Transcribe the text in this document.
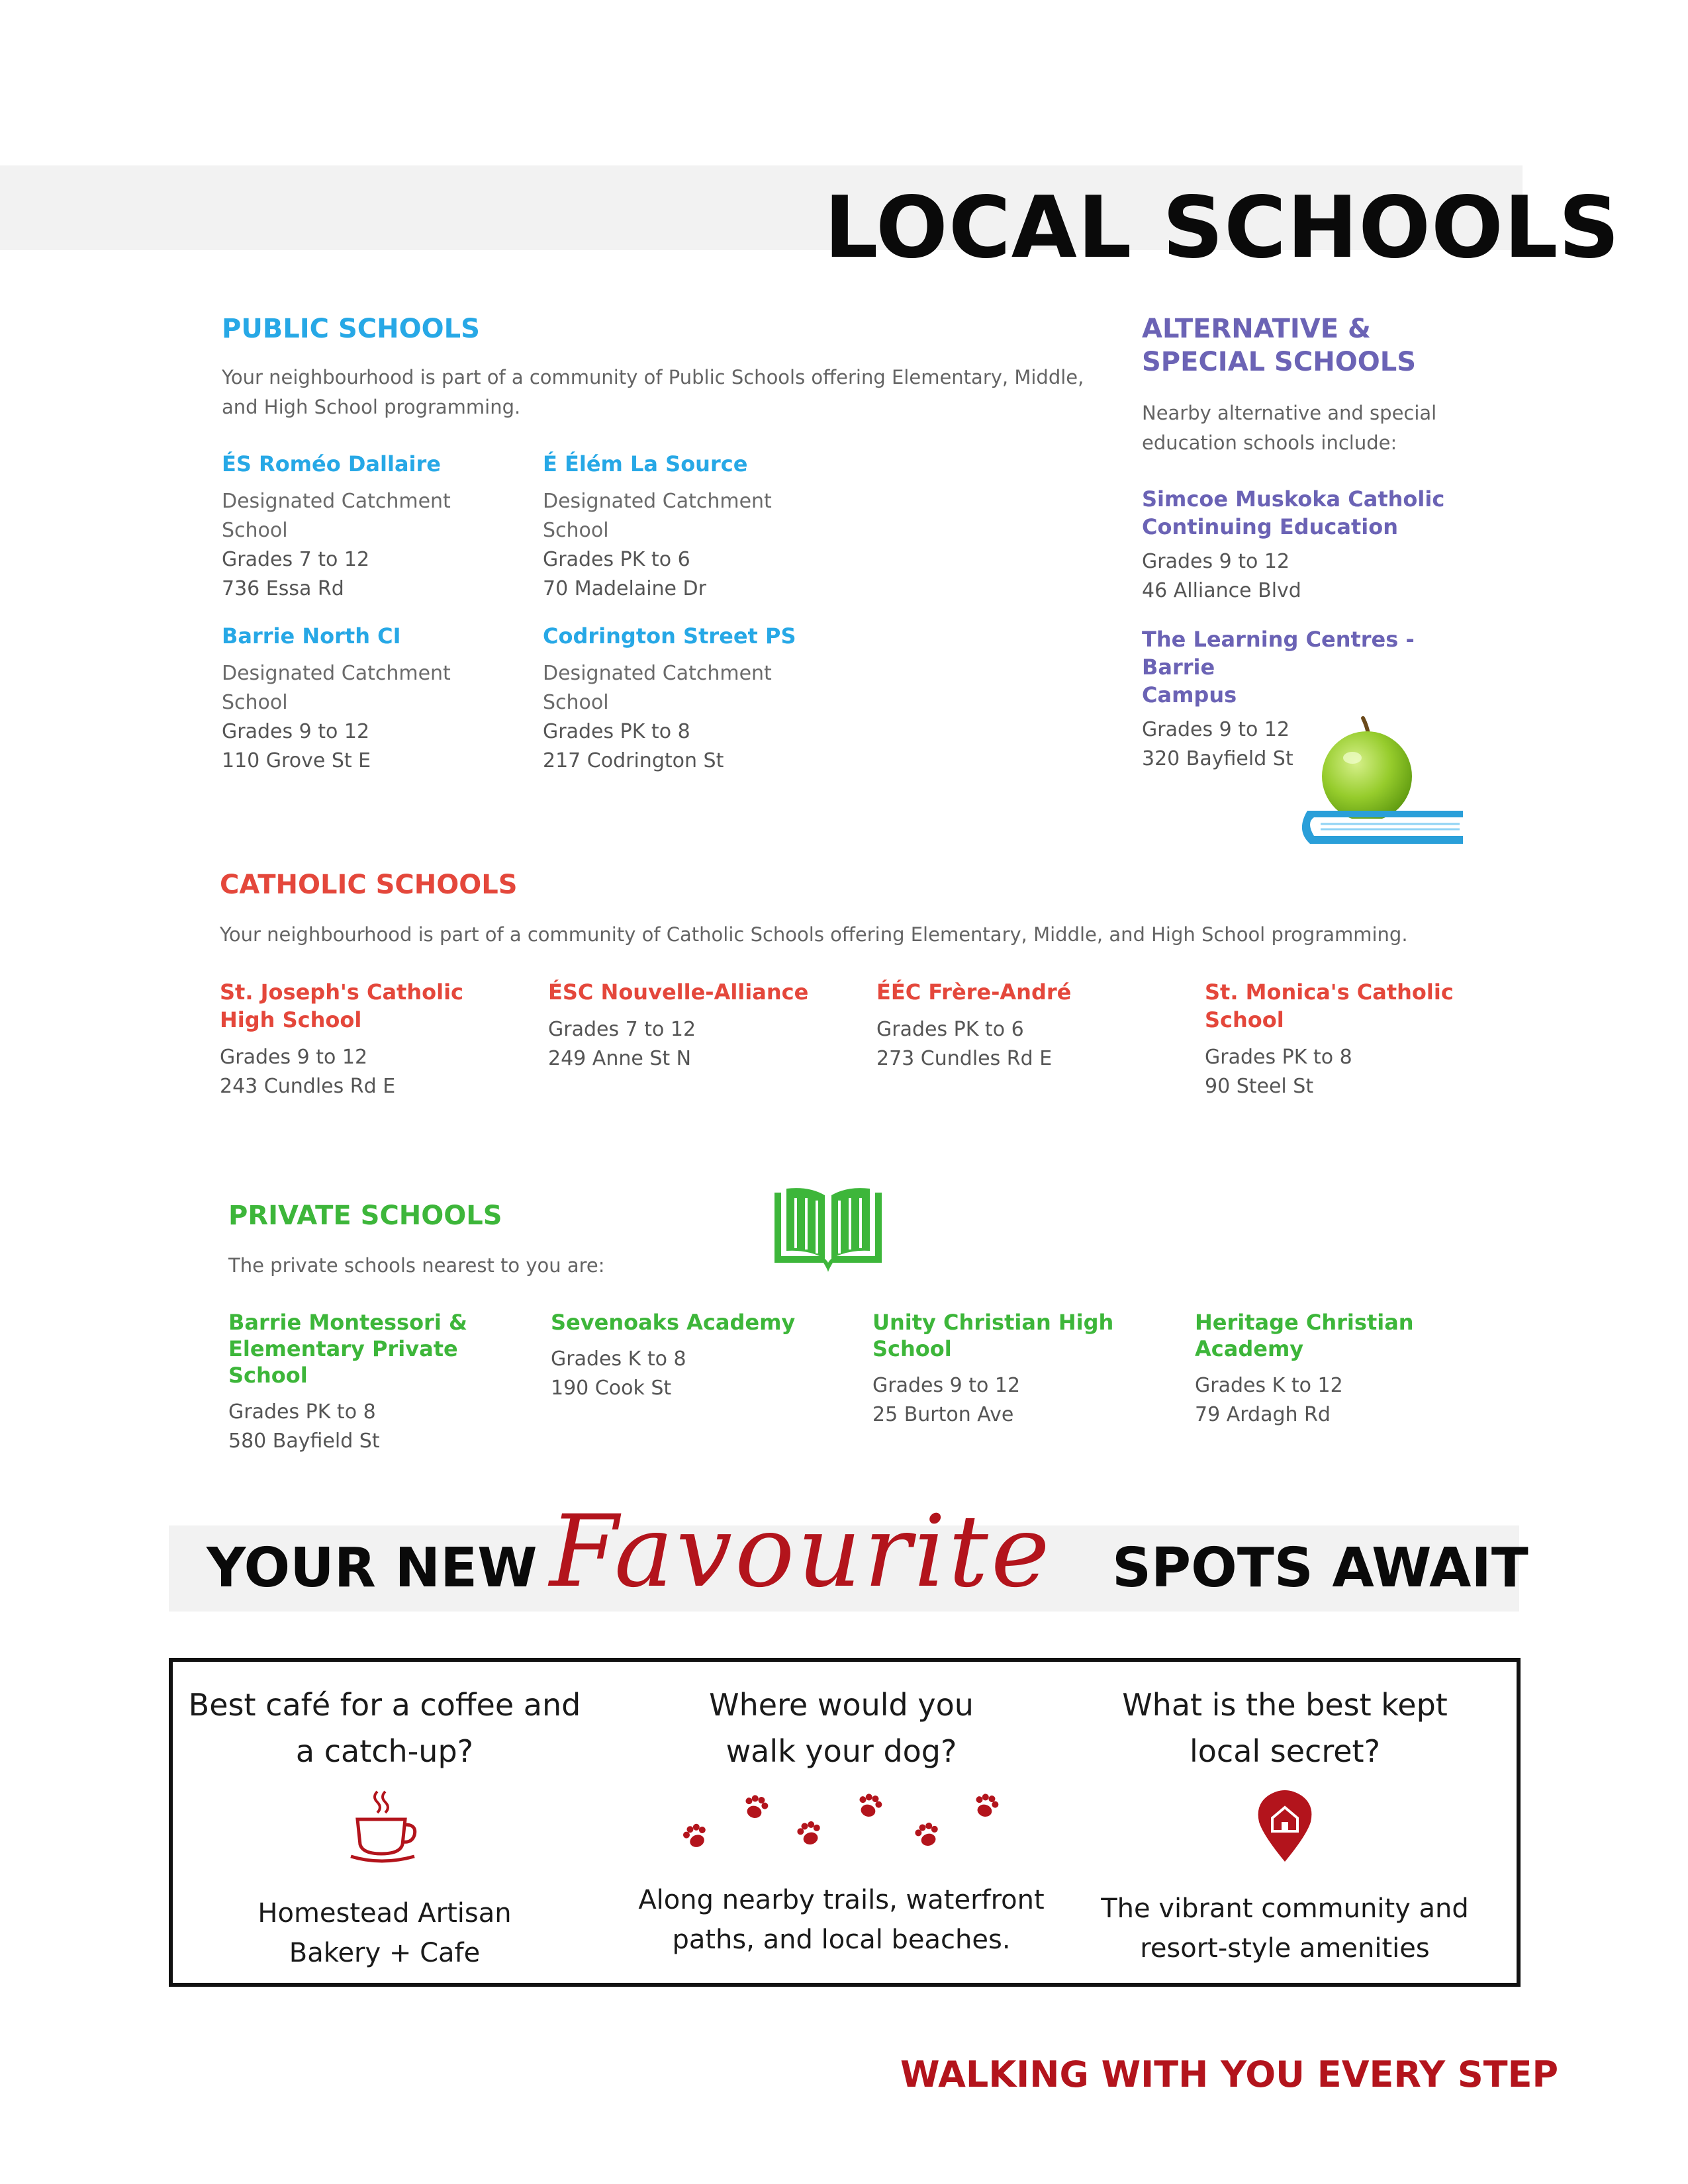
LOCAL SCHOOLS
PUBLIC SCHOOLS
Your neighbourhood is part of a community of Public Schools offering Elementary, Middle, and High School programming.
ÉS Roméo Dallaire
Designated Catchment
School
Grades 7 to 12
736 Essa Rd
É Élém La Source
Designated Catchment
School
Grades PK to 6
70 Madelaine Dr
Barrie North CI
Designated Catchment
School
Grades 9 to 12
110 Grove St E
Codrington Street PS
Designated Catchment
School
Grades PK to 8
217 Codrington St
ALTERNATIVE &
SPECIAL SCHOOLS
Nearby alternative and special education schools include:
Simcoe Muskoka Catholic
Continuing Education
Grades 9 to 12
46 Alliance Blvd
The Learning Centres - Barrie
Campus
Grades 9 to 12
320 Bayfield St
CATHOLIC SCHOOLS
Your neighbourhood is part of a community of Catholic Schools offering Elementary, Middle, and High School programming.
St. Joseph's Catholic
High School
Grades 9 to 12
243 Cundles Rd E
ÉSC Nouvelle-Alliance
Grades 7 to 12
249 Anne St N
ÉÉC Frère-André
Grades PK to 6
273 Cundles Rd E
St. Monica's Catholic
School
Grades PK to 8
90 Steel St
PRIVATE SCHOOLS
The private schools nearest to you are:
Barrie Montessori &
Elementary Private
School
Grades PK to 8
580 Bayfield St
Sevenoaks Academy
Grades K to 8
190 Cook St
Unity Christian High
School
Grades 9 to 12
25 Burton Ave
Heritage Christian
Academy
Grades K to 12
79 Ardagh Rd
YOUR NEW Favourite SPOTS AWAIT
Best café for a coffee and
a catch-up?
Homestead Artisan
Bakery + Cafe
Where would you
walk your dog?
Along nearby trails, waterfront
paths, and local beaches.
What is the best kept
local secret?
The vibrant community and
resort-style amenities
WALKING WITH YOU EVERY STEP
